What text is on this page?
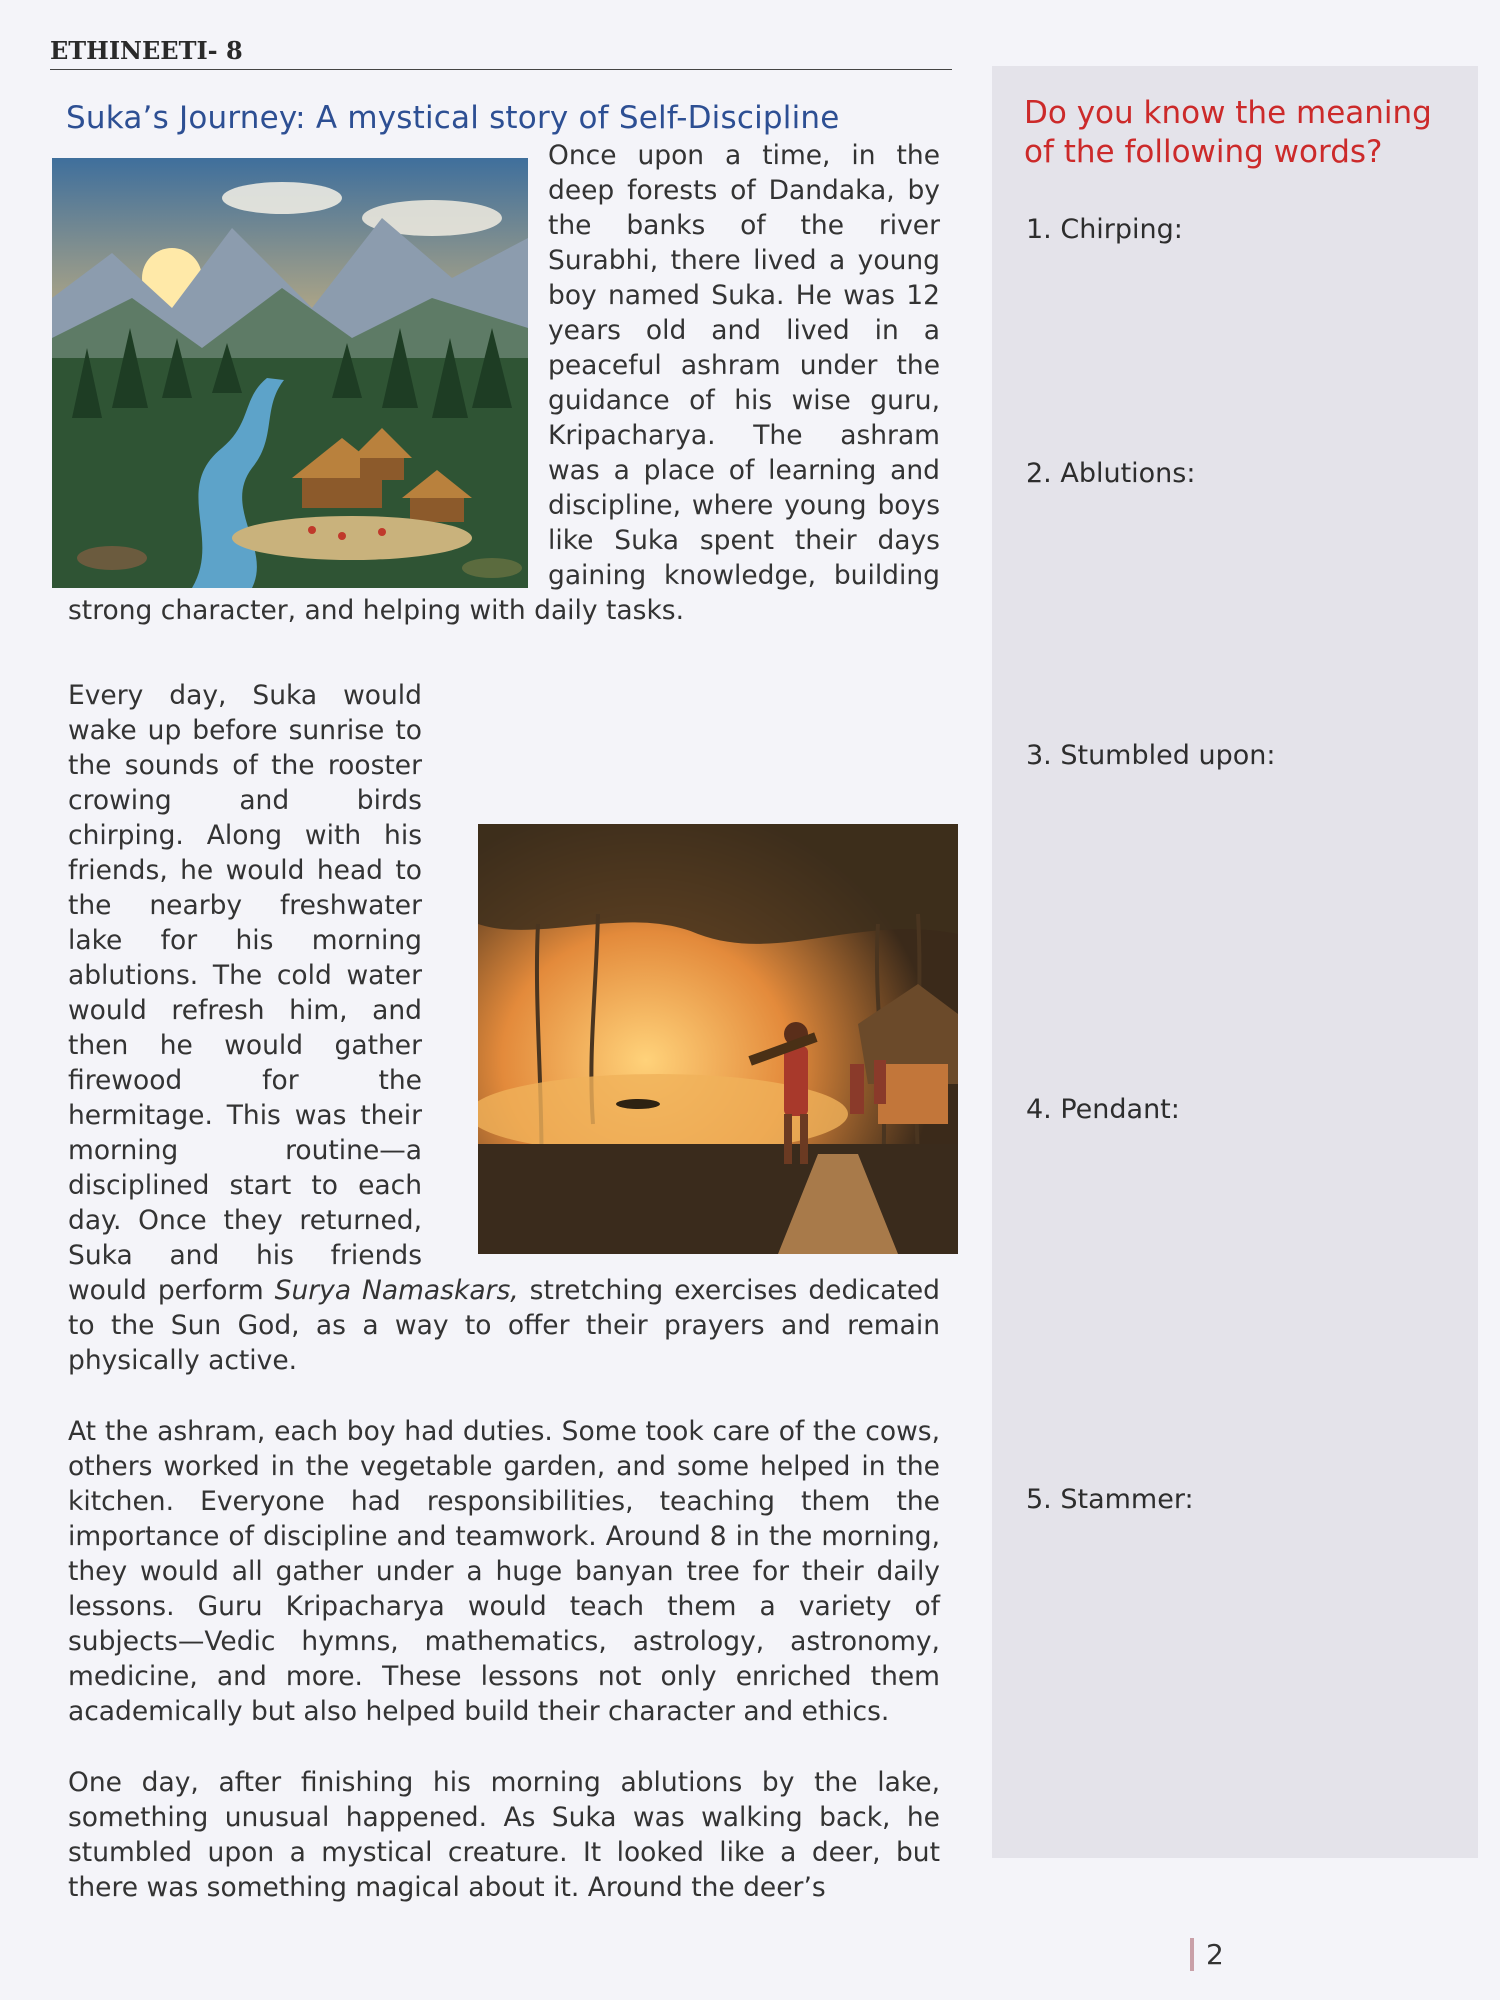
ETHINEETI- 8
Suka’s Journey: A mystical story of Self-Discipline

Once upon a time, in the deep forests of Dandaka, by the banks of the river Surabhi, there lived a young boy named Suka. He was 12 years old and lived in a peaceful ashram under the guidance of his wise guru, Kripacharya. The ashram was a place of learning and discipline, where young boys like Suka spent their days gaining knowledge, building strong character, and helping with daily tasks.

Every day, Suka would wake up before sunrise to the sounds of the rooster crowing and birds chirping. Along with his friends, he would head to the nearby freshwater lake for his morning ablutions. The cold water would refresh him, and then he would gather firewood for the hermitage. This was their morning routine—a disciplined start to each day. Once they returned, Suka and his friends would perform Surya Namaskars, stretching exercises dedicated to the Sun God, as a way to offer their prayers and remain physically active.

At the ashram, each boy had duties. Some took care of the cows, others worked in the vegetable garden, and some helped in the kitchen. Everyone had responsibilities, teaching them the importance of discipline and teamwork. Around 8 in the morning, they would all gather under a huge banyan tree for their daily lessons. Guru Kripacharya would teach them a variety of subjects—Vedic hymns, mathematics, astrology, astronomy, medicine, and more. These lessons not only enriched them academically but also helped build their character and ethics.

One day, after finishing his morning ablutions by the lake, something unusual happened. As Suka was walking back, he stumbled upon a mystical creature. It looked like a deer, but there was something magical about it. Around the deer’s

Do you know the meaning of the following words?
1. Chirping:
2. Ablutions:
3. Stumbled upon:
4. Pendant:
5. Stammer:
2
